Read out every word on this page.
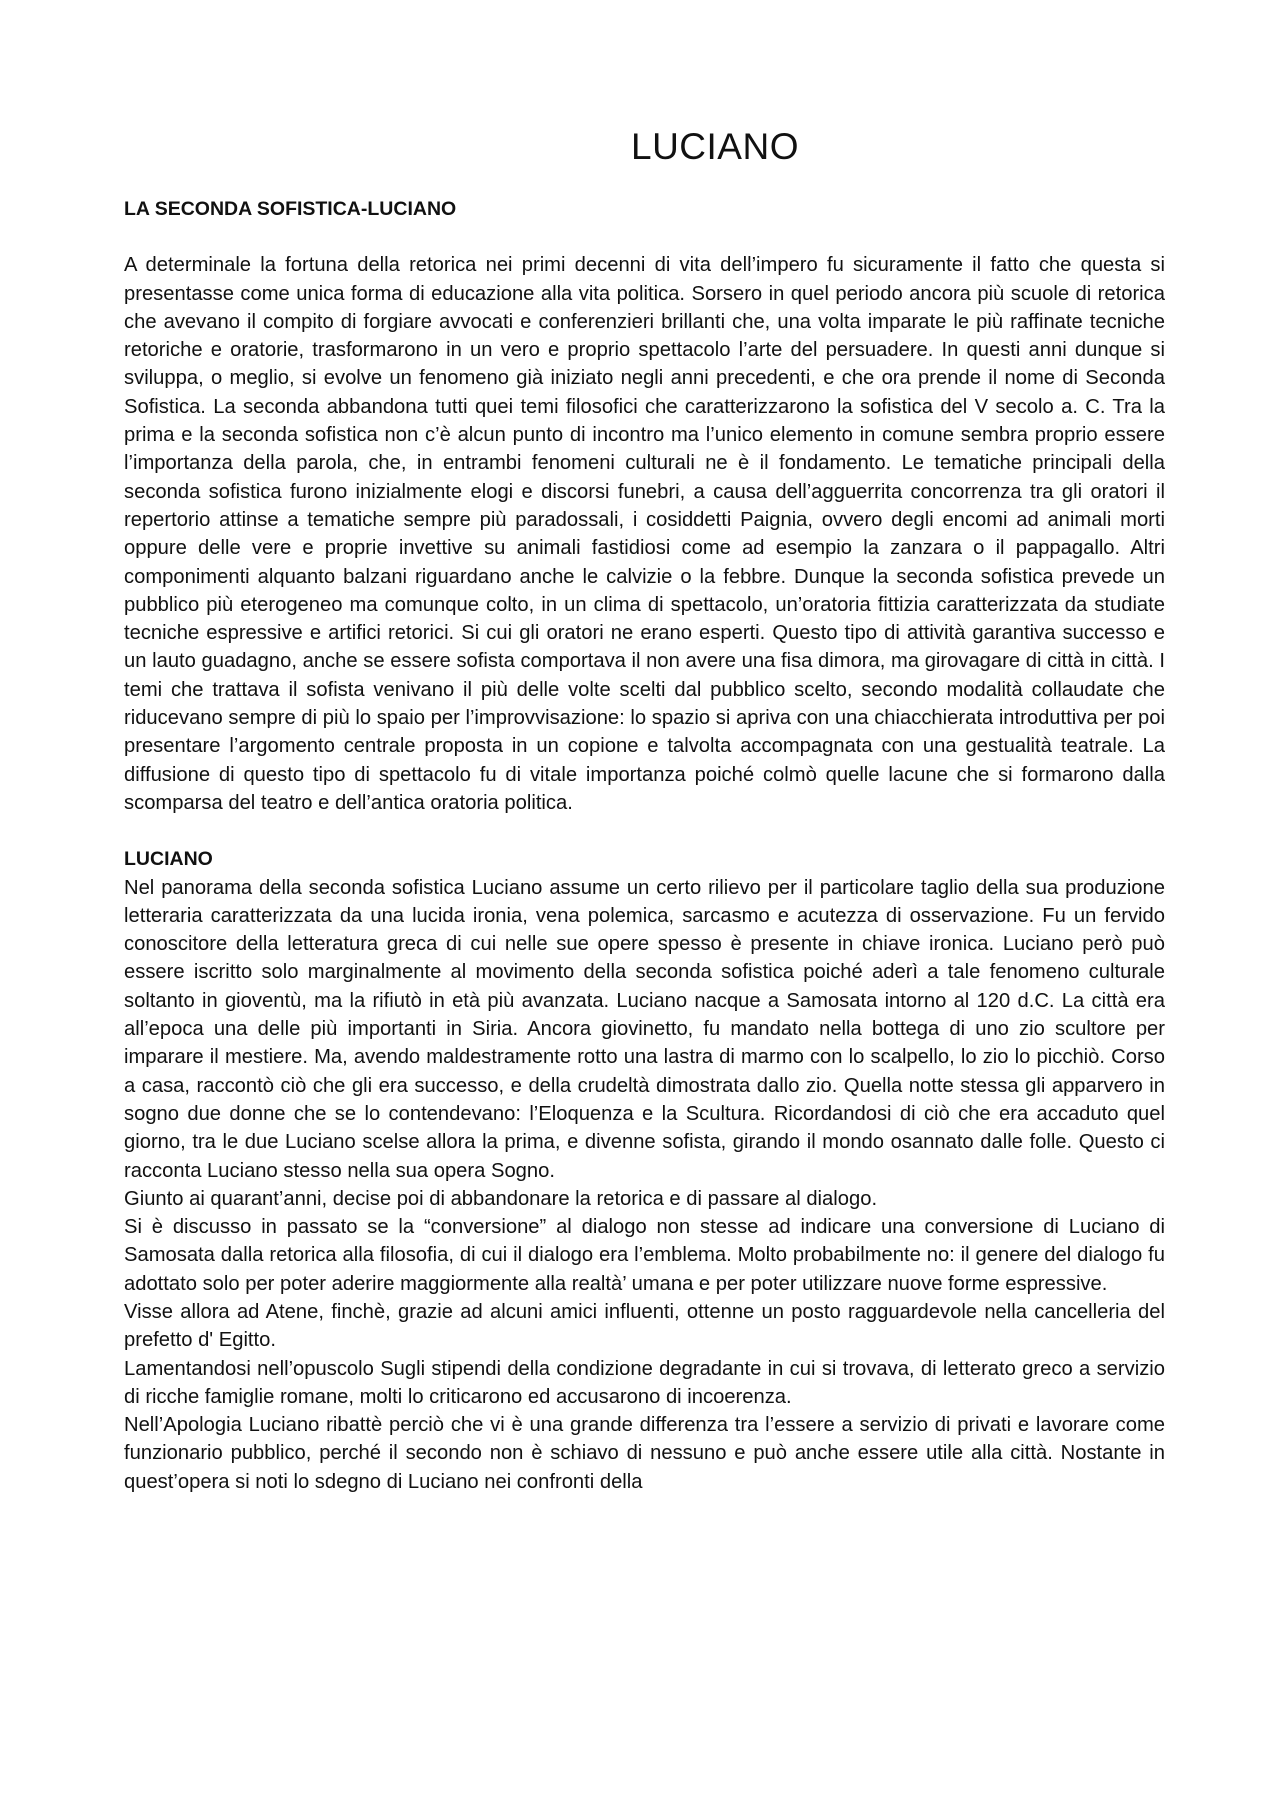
LUCIANO
LA SECONDA SOFISTICA-LUCIANO

A determinale la fortuna della retorica nei primi decenni di vita dell’impero fu sicuramente il fatto che questa si presentasse come unica forma di educazione alla vita politica. Sorsero in quel periodo ancora più scuole di retorica che avevano il compito di forgiare avvocati e conferenzieri brillanti che, una volta imparate le più raffinate tecniche retoriche e oratorie, trasformarono in un vero e proprio spettacolo l’arte del persuadere. In questi anni dunque si sviluppa, o meglio, si evolve un fenomeno già iniziato negli anni precedenti, e che ora prende il nome di Seconda Sofistica. La seconda abbandona tutti quei temi filosofici che caratterizzarono la sofistica del V secolo a. C. Tra la prima e la seconda sofistica non c’è alcun punto di incontro ma l’unico elemento in comune sembra proprio essere l’importanza della parola, che, in entrambi fenomeni culturali ne è il fondamento. Le tematiche principali della seconda sofistica furono inizialmente elogi e discorsi funebri, a causa dell’agguerrita concorrenza tra gli oratori il repertorio attinse a tematiche sempre più paradossali, i cosiddetti Paignia, ovvero degli encomi ad animali morti oppure delle vere e proprie invettive su animali fastidiosi come ad esempio la zanzara o il pappagallo. Altri componimenti alquanto balzani riguardano anche le calvizie o la febbre. Dunque la seconda sofistica prevede un pubblico più eterogeneo ma comunque colto, in un clima di spettacolo, un’oratoria fittizia caratterizzata da studiate tecniche espressive e artifici retorici. Si cui gli oratori ne erano esperti. Questo tipo di attività garantiva successo e un lauto guadagno, anche se essere sofista comportava il non avere una fisa dimora, ma girovagare di città in città. I temi che trattava il sofista venivano il più delle volte scelti dal pubblico scelto, secondo modalità collaudate che riducevano sempre di più lo spaio per l’improvvisazione: lo spazio si apriva con una chiacchierata introduttiva per poi presentare l’argomento centrale proposta in un copione e talvolta accompagnata con una gestualità teatrale. La diffusione di questo tipo di spettacolo fu di vitale importanza poiché colmò quelle lacune che si formarono dalla scomparsa del teatro e dell’antica oratoria politica.

LUCIANO

Nel panorama della seconda sofistica Luciano assume un certo rilievo per il particolare taglio della sua produzione letteraria caratterizzata da una lucida ironia, vena polemica, sarcasmo e acutezza di osservazione. Fu un fervido conoscitore della letteratura greca di cui nelle sue opere spesso è presente in chiave ironica. Luciano però può essere iscritto solo marginalmente al movimento della seconda sofistica poiché aderì a tale fenomeno culturale soltanto in gioventù, ma la rifiutò in età più avanzata. Luciano nacque a Samosata intorno al 120 d.C. La città era all’epoca una delle più importanti in Siria. Ancora giovinetto, fu mandato nella bottega di uno zio scultore per imparare il mestiere. Ma, avendo maldestramente rotto una lastra di marmo con lo scalpello, lo zio lo picchiò. Corso a casa, raccontò ciò che gli era successo, e della crudeltà dimostrata dallo zio. Quella notte stessa gli apparvero in sogno due donne che se lo contendevano: l’Eloquenza e la Scultura. Ricordandosi di ciò che era accaduto quel giorno, tra le due Luciano scelse allora la prima, e divenne sofista, girando il mondo osannato dalle folle. Questo ci racconta Luciano stesso nella sua opera Sogno.

Giunto ai quarant’anni, decise poi di abbandonare la retorica e di passare al dialogo.

Si è discusso in passato se la “conversione” al dialogo non stesse ad indicare una conversione di Luciano di Samosata dalla retorica alla filosofia, di cui il dialogo era l’emblema. Molto probabilmente no: il genere del dialogo fu adottato solo per poter aderire maggiormente alla realtà’ umana e per poter utilizzare nuove forme espressive.

Visse allora ad Atene, finchè, grazie ad alcuni amici influenti, ottenne un posto ragguardevole nella cancelleria del prefetto d' Egitto.

Lamentandosi nell’opuscolo Sugli stipendi della condizione degradante in cui si trovava, di letterato greco a servizio di ricche famiglie romane, molti lo criticarono ed accusarono di incoerenza.

Nell’Apologia Luciano ribattè perciò che vi è una grande differenza tra l’essere a servizio di privati e lavorare come funzionario pubblico, perché il secondo non è schiavo di nessuno e può anche essere utile alla città. Nostante in quest’opera si noti lo sdegno di Luciano nei confronti della
